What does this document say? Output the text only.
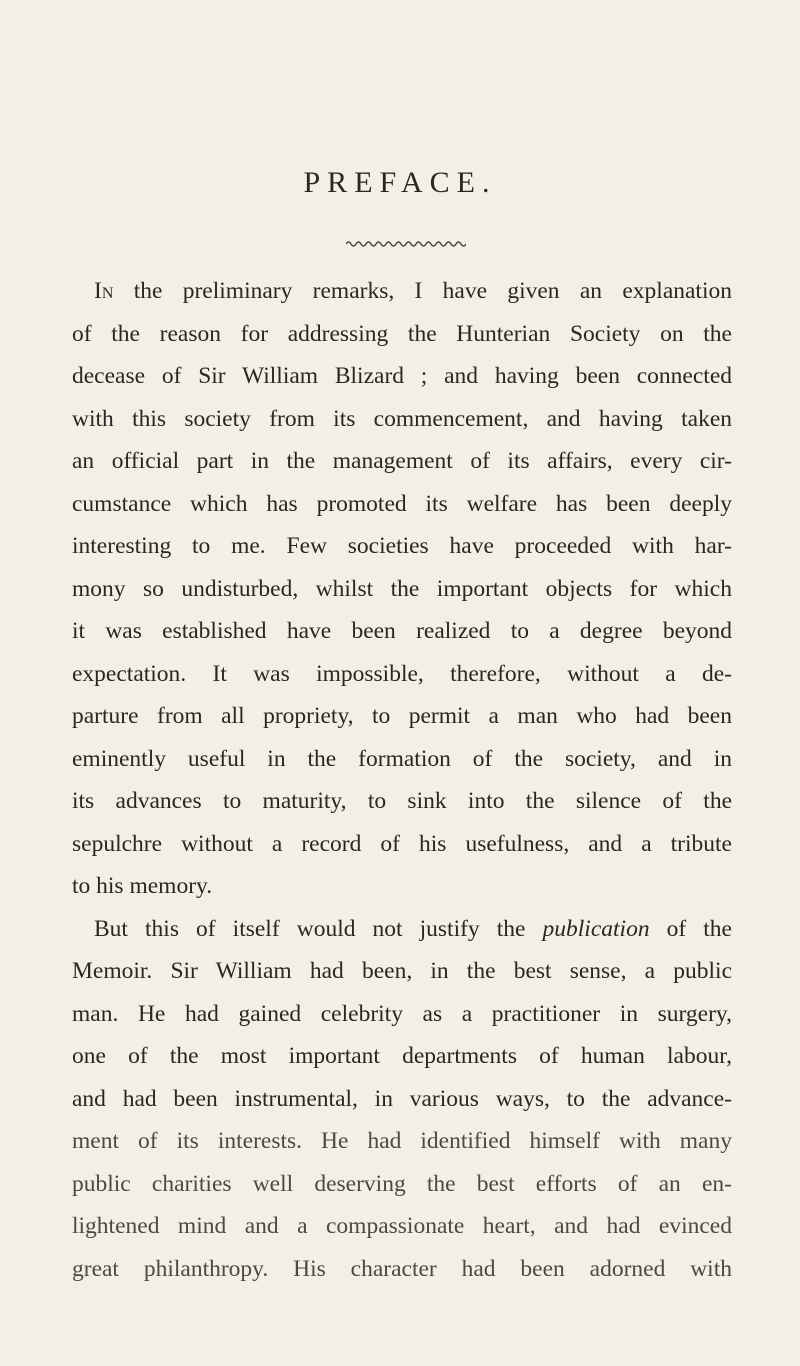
PREFACE.
In the preliminary remarks, I have given an explanation
of the reason for addressing the Hunterian Society on the
decease of Sir William Blizard ; and having been connected
with this society from its commencement, and having taken
an official part in the management of its affairs, every cir-
cumstance which has promoted its welfare has been deeply
interesting to me. Few societies have proceeded with har-
mony so undisturbed, whilst the important objects for which
it was established have been realized to a degree beyond
expectation. It was impossible, therefore, without a de-
parture from all propriety, to permit a man who had been
eminently useful in the formation of the society, and in
its advances to maturity, to sink into the silence of the
sepulchre without a record of his usefulness, and a tribute
to his memory.
But this of itself would not justify the publication of the
Memoir. Sir William had been, in the best sense, a public
man. He had gained celebrity as a practitioner in surgery,
one of the most important departments of human labour,
and had been instrumental, in various ways, to the advance-
ment of its interests. He had identified himself with many
public charities well deserving the best efforts of an en-
lightened mind and a compassionate heart, and had evinced
great philanthropy. His character had been adorned with
